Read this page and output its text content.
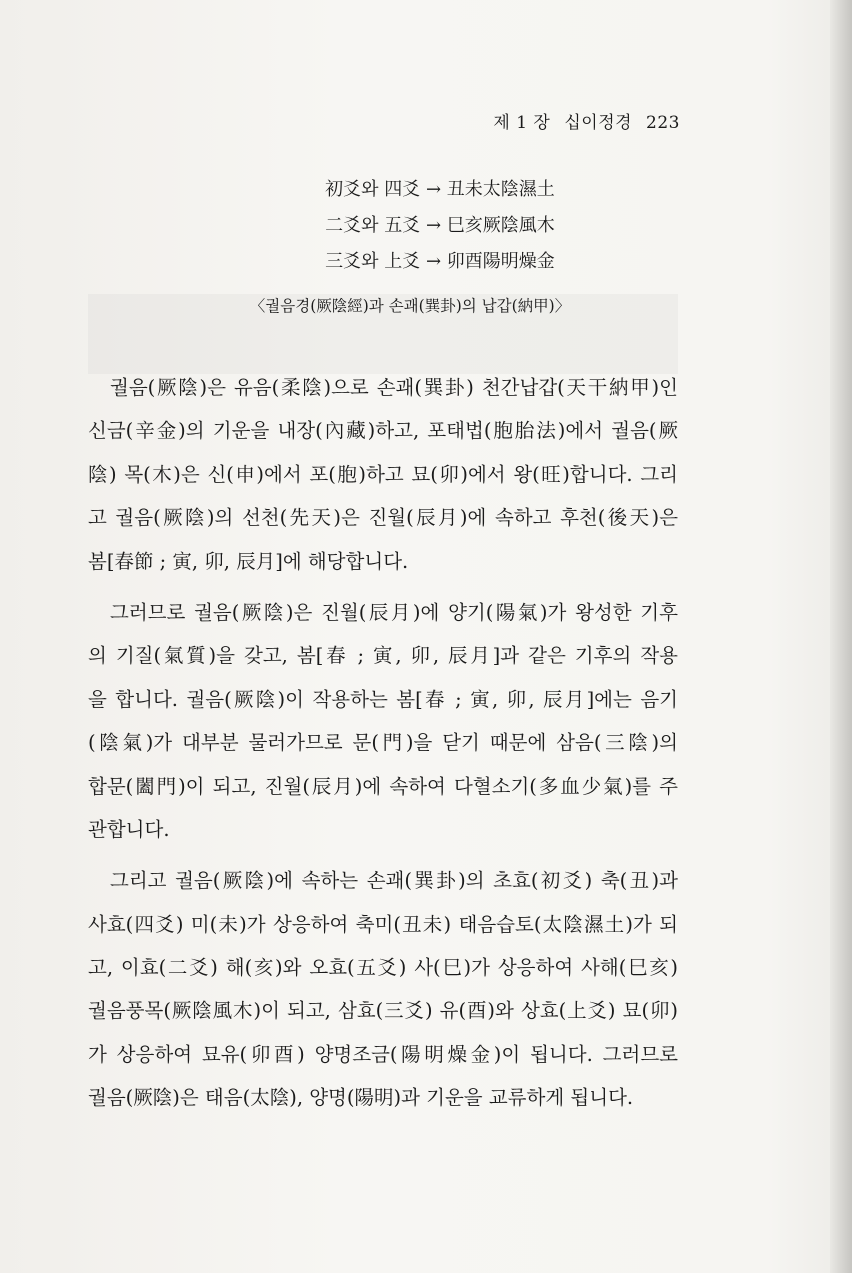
제 1 장 십이정경 223
初爻와 四爻 → 丑未太陰濕土
二爻와 五爻 → 巳亥厥陰風木
三爻와 上爻 → 卯酉陽明燥金
〈궐음경(厥陰經)과 손괘(巽卦)의 납갑(納甲)〉
궐음(厥陰)은 유음(柔陰)으로 손괘(巽卦) 천간납갑(天干納甲)인
신금(辛金)의 기운을 내장(內藏)하고, 포태법(胞胎法)에서 궐음(厥
陰) 목(木)은 신(申)에서 포(胞)하고 묘(卯)에서 왕(旺)합니다. 그리
고 궐음(厥陰)의 선천(先天)은 진월(辰月)에 속하고 후천(後天)은
봄[春節 ; 寅, 卯, 辰月]에 해당합니다.
그러므로 궐음(厥陰)은 진월(辰月)에 양기(陽氣)가 왕성한 기후
의 기질(氣質)을 갖고, 봄[春 ; 寅, 卯, 辰月]과 같은 기후의 작용
을 합니다. 궐음(厥陰)이 작용하는 봄[春 ; 寅, 卯, 辰月]에는 음기
(陰氣)가 대부분 물러가므로 문(門)을 닫기 때문에 삼음(三陰)의
합문(闔門)이 되고, 진월(辰月)에 속하여 다혈소기(多血少氣)를 주
관합니다.
그리고 궐음(厥陰)에 속하는 손괘(巽卦)의 초효(初爻) 축(丑)과
사효(四爻) 미(未)가 상응하여 축미(丑未) 태음습토(太陰濕土)가 되
고, 이효(二爻) 해(亥)와 오효(五爻) 사(巳)가 상응하여 사해(巳亥)
궐음풍목(厥陰風木)이 되고, 삼효(三爻) 유(酉)와 상효(上爻) 묘(卯)
가 상응하여 묘유(卯酉) 양명조금(陽明燥金)이 됩니다. 그러므로
궐음(厥陰)은 태음(太陰), 양명(陽明)과 기운을 교류하게 됩니다.
